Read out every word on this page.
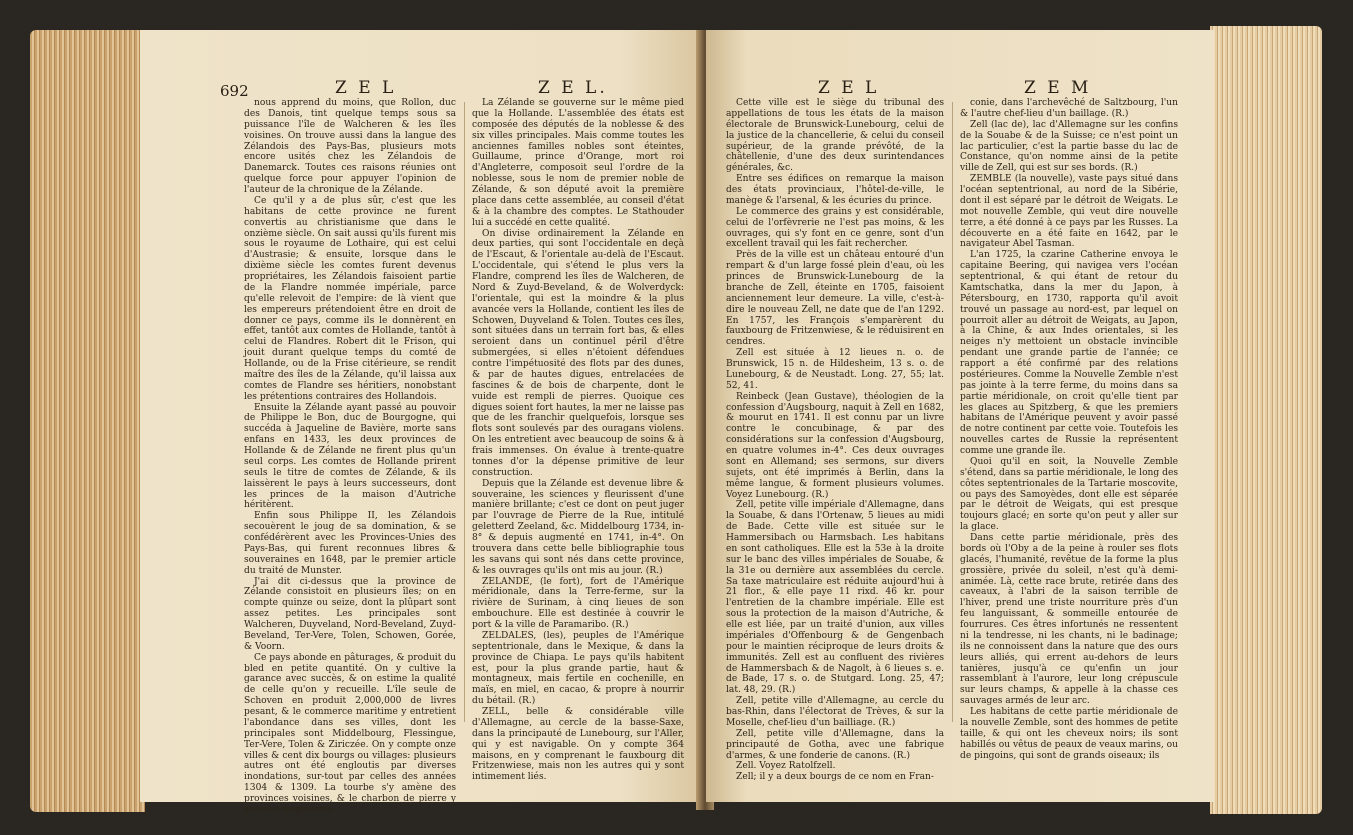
692	Z E L	Z E L.

nous apprend du moins, que Rollon, duc des Danois, tint quelque temps sous sa puissance l'île de Walcheren & les îles voisines. On trouve aussi dans la langue des Zélandois des Pays-Bas, plusieurs mots encore usités chez les Zélandois de Danemarck. Toutes ces raisons réunies ont quelque force pour appuyer l'opinion de l'auteur de la chronique de la Zélande.

Ce qu'il y a de plus sûr, c'est que les habitans de cette province ne furent convertis au christianisme que dans le onzième siècle. On sait aussi qu'ils furent mis sous le royaume de Lothaire, qui est celui d'Austrasie; & ensuite, lorsque dans le dixième siècle les comtes furent devenus propriétaires, les Zélandois faisoient partie de la Flandre nommée impériale, parce qu'elle relevoit de l'empire: de là vient que les empereurs prétendoient être en droit de donner ce pays, comme ils le donnèrent en effet, tantôt aux comtes de Hollande, tantôt à celui de Flandres. Robert dit le Frison, qui jouit durant quelque temps du comté de Hollande, ou de la Frise citérieure, se rendit maître des îles de la Zélande, qu'il laissa aux comtes de Flandre ses héritiers, nonobstant les prétentions contraires des Hollandois.

Ensuite la Zélande ayant passé au pouvoir de Philippe le Bon, duc de Bourgogne, qui succéda à Jaqueline de Bavière, morte sans enfans en 1433, les deux provinces de Hollande & de Zélande ne firent plus qu'un seul corps. Les comtes de Hollande prirent seuls le titre de comtes de Zélande, & ils laissèrent le pays à leurs successeurs, dont les princes de la maison d'Autriche héritèrent.

Enfin sous Philippe II, les Zélandois secouèrent le joug de sa domination, & se confédérèrent avec les Provinces-Unies des Pays-Bas, qui furent reconnues libres & souveraines en 1648, par le premier article du traité de Munster.

J'ai dit ci-dessus que la province de Zélande consistoit en plusieurs îles; on en compte quinze ou seize, dont la plûpart sont assez petites. Les principales sont Walcheren, Duyveland, Nord-Beveland, Zuyd-Beveland, Ter-Vere, Tolen, Schowen, Gorée, & Voorn.

Ce pays abonde en pâturages, & produit du bled en petite quantité. On y cultive la garance avec succès, & on estime la qualité de celle qu'on y recueille. L'île seule de Schoven en produit 2,000,000 de livres pesant, & le commerce maritime y entretient l'abondance dans ses villes, dont les principales sont Middelbourg, Flessingue, Ter-Vere, Tolen & Ziriczée. On y compte onze villes & cent dix bourgs ou villages: plusieurs autres ont été engloutis par diverses inondations, sur-tout par celles des années 1304 & 1309. La tourbe s'y amène des provinces voisines, & le charbon de pierre y arrive d'Angleterre.

La Zélande se gouverne sur le même pied que la Hollande. L'assemblée des états est composée des députés de la noblesse & des six villes principales. Mais comme toutes les anciennes familles nobles sont éteintes, Guillaume, prince d'Orange, mort roi d'Angleterre, composoit seul l'ordre de la noblesse, sous le nom de premier noble de Zélande, & son député avoit la première place dans cette assemblée, au conseil d'état & à la chambre des comptes. Le Stathouder lui a succédé en cette qualité.

On divise ordinairement la Zélande en deux parties, qui sont l'occidentale en deçà de l'Escaut, & l'orientale au-delà de l'Escaut. L'occidentale, qui s'étend le plus vers la Flandre, comprend les îles de Walcheren, de Nord & Zuyd-Beveland, & de Wolverdyck: l'orientale, qui est la moindre & la plus avancée vers la Hollande, contient les îles de Schowen, Duyveland & Tolen. Toutes ces îles, sont situées dans un terrain fort bas, & elles seroient dans un continuel péril d'être submergées, si elles n'étoient défendues contre l'impétuosité des flots par des dunes, & par de hautes digues, entrelacées de fascines & de bois de charpente, dont le vuide est rempli de pierres. Quoique ces digues soient fort hautes, la mer ne laisse pas que de les franchir quelquefois, lorsque ses flots sont soulevés par des ouragans violens. On les entretient avec beaucoup de soins & à frais immenses. On évalue à trente-quatre tonnes d'or la dépense primitive de leur construction.

Depuis que la Zélande est devenue libre & souveraine, les sciences y fleurissent d'une manière brillante; c'est ce dont on peut juger par l'ouvrage de Pierre de la Rue, intitulé geletterd Zeeland, &c. Middelbourg 1734, in-8° & depuis augmenté en 1741, in-4°. On trouvera dans cette belle bibliographie tous les savans qui sont nés dans cette province, & les ouvrages qu'ils ont mis au jour. (R.)

ZELANDE, (le fort), fort de l'Amérique méridionale, dans la Terre-ferme, sur la rivière de Surinam, à cinq lieues de son embouchure. Elle est destinée à couvrir le port & la ville de Paramaribo. (R.)

ZELDALES, (les), peuples de l'Amérique septentrionale, dans le Mexique, & dans la province de Chiapa. Le pays qu'ils habitent est, pour la plus grande partie, haut & montagneux, mais fertile en cochenille, en maïs, en miel, en cacao, & propre à nourrir du bétail. (R.)

ZELL, belle & considérable ville d'Allemagne, au cercle de la basse-Saxe, dans la principauté de Lunebourg, sur l'Aller, qui y est navigable. On y compte 364 maisons, en y comprenant le fauxbourg dit Fritzenwiese, mais non les autres qui y sont intimement liés.

Z E L	Z E M

Cette ville est le siège du tribunal des appellations de tous les états de la maison électorale de Brunswick-Lunebourg, celui de la justice de la chancellerie, & celui du conseil supérieur, de la grande prévôté, de la châtellenie, d'une des deux surintendances générales, &c.

Entre ses édifices on remarque la maison des états provinciaux, l'hôtel-de-ville, le manège & l'arsenal, & les écuries du prince.

Le commerce des grains y est considérable, celui de l'orfèvrerie ne l'est pas moins, & les ouvrages, qui s'y font en ce genre, sont d'un excellent travail qui les fait rechercher.

Près de la ville est un château entouré d'un rempart & d'un large fossé plein d'eau, où les princes de Brunswick-Lunebourg de la branche de Zell, éteinte en 1705, faisoient anciennement leur demeure. La ville, c'est-à-dire le nouveau Zell, ne date que de l'an 1292. En 1757, les François s'emparèrent du fauxbourg de Fritzenwiese, & le réduisirent en cendres.

Zell est située à 12 lieues n. o. de Brunswick, 15 n. de Hildesheim, 13 s. o. de Lunebourg, & de Neustadt. Long. 27, 55; lat. 52, 41.

Reinbeck (Jean Gustave), théologien de la confession d'Augsbourg, naquit à Zell en 1682, & mourut en 1741. Il est connu par un livre contre le concubinage, & par des considérations sur la confession d'Augsbourg, en quatre volumes in-4°. Ces deux ouvrages sont en Allemand; ses sermons, sur divers sujets, ont été imprimés à Berlin, dans la même langue, & forment plusieurs volumes. Voyez Lunebourg. (R.)

Zell, petite ville impériale d'Allemagne, dans la Souabe, & dans l'Ortenaw, 5 lieues au midi de Bade. Cette ville est située sur le Hammersibach ou Harmsbach. Les habitans en sont catholiques. Elle est la 53e à la droite sur le banc des villes impériales de Souabe, & la 31e ou dernière aux assemblées du cercle. Sa taxe matriculaire est réduite aujourd'hui à 21 flor., & elle paye 11 rixd. 46 kr. pour l'entretien de la chambre impériale. Elle est sous la protection de la maison d'Autriche, & elle est liée, par un traité d'union, aux villes impériales d'Offenbourg & de Gengenbach pour le maintien réciproque de leurs droits & immunités. Zell est au confluent des rivières de Hammersbach & de Nagolt, à 6 lieues s. e. de Bade, 17 s. o. de Stutgard. Long. 25, 47; lat. 48, 29. (R.)

Zell, petite ville d'Allemagne, au cercle du bas-Rhin, dans l'électorat de Trèves, & sur la Moselle, chef-lieu d'un bailliage. (R.)

Zell, petite ville d'Allemagne, dans la principauté de Gotha, avec une fabrique d'armes, & une fonderie de canons. (R.)

Zell. Voyez Ratolfzell.

Zell; il y a deux bourgs de ce nom en Fran-

conie, dans l'archevêché de Saltzbourg, l'un & l'autre chef-lieu d'un baillage. (R.)

Zell (lac de), lac d'Allemagne sur les confins de la Souabe & de la Suisse; ce n'est point un lac particulier, c'est la partie basse du lac de Constance, qu'on nomme ainsi de la petite ville de Zell, qui est sur ses bords. (R.)

ZEMBLE (la nouvelle), vaste pays situé dans l'océan septentrional, au nord de la Sibérie, dont il est séparé par le détroit de Weigats. Le mot nouvelle Zemble, qui veut dire nouvelle terre, a été donné à ce pays par les Russes. La découverte en a été faite en 1642, par le navigateur Abel Tasman.

L'an 1725, la czarine Catherine envoya le capitaine Beering, qui navigea vers l'océan septentrional, & qui étant de retour du Kamtschatka, dans la mer du Japon, à Pétersbourg, en 1730, rapporta qu'il avoit trouvé un passage au nord-est, par lequel on pourroit aller au détroit de Weigats, au Japon, à la Chine, & aux Indes orientales, si les neiges n'y mettoient un obstacle invincible pendant une grande partie de l'année; ce rapport a été confirmé par des relations postérieures. Comme la Nouvelle Zemble n'est pas jointe à la terre ferme, du moins dans sa partie méridionale, on croit qu'elle tient par les glaces au Spitzberg, & que les premiers habitans de l'Amérique peuvent y avoir passé de notre continent par cette voie. Toutefois les nouvelles cartes de Russie la représentent comme une grande île.

Quoi qu'il en soit, la Nouvelle Zemble s'étend, dans sa partie méridionale, le long des côtes septentrionales de la Tartarie moscovite, ou pays des Samoyèdes, dont elle est séparée par le détroit de Weigats, qui est presque toujours glacé; en sorte qu'on peut y aller sur la glace.

Dans cette partie méridionale, près des bords où l'Oby a de la peine à rouler ses flots glacés, l'humanité, revêtue de la forme la plus grossière, privée du soleil, n'est qu'à demi-animée. Là, cette race brute, retirée dans des caveaux, à l'abri de la saison terrible de l'hiver, prend une triste nourriture près d'un feu languissant, & sommeille entourée de fourrures. Ces êtres infortunés ne ressentent ni la tendresse, ni les chants, ni le badinage; ils ne connoissent dans la nature que des ours leurs alliés, qui errent au-dehors de leurs tanières, jusqu'à ce qu'enfin un jour rassemblant à l'aurore, leur long crépuscule sur leurs champs, & appelle à la chasse ces sauvages armés de leur arc.

Les habitans de cette partie méridionale de la nouvelle Zemble, sont des hommes de petite taille, & qui ont les cheveux noirs; ils sont habillés ou vêtus de peaux de veaux marins, ou de pingoins, qui sont de grands oiseaux; ils
